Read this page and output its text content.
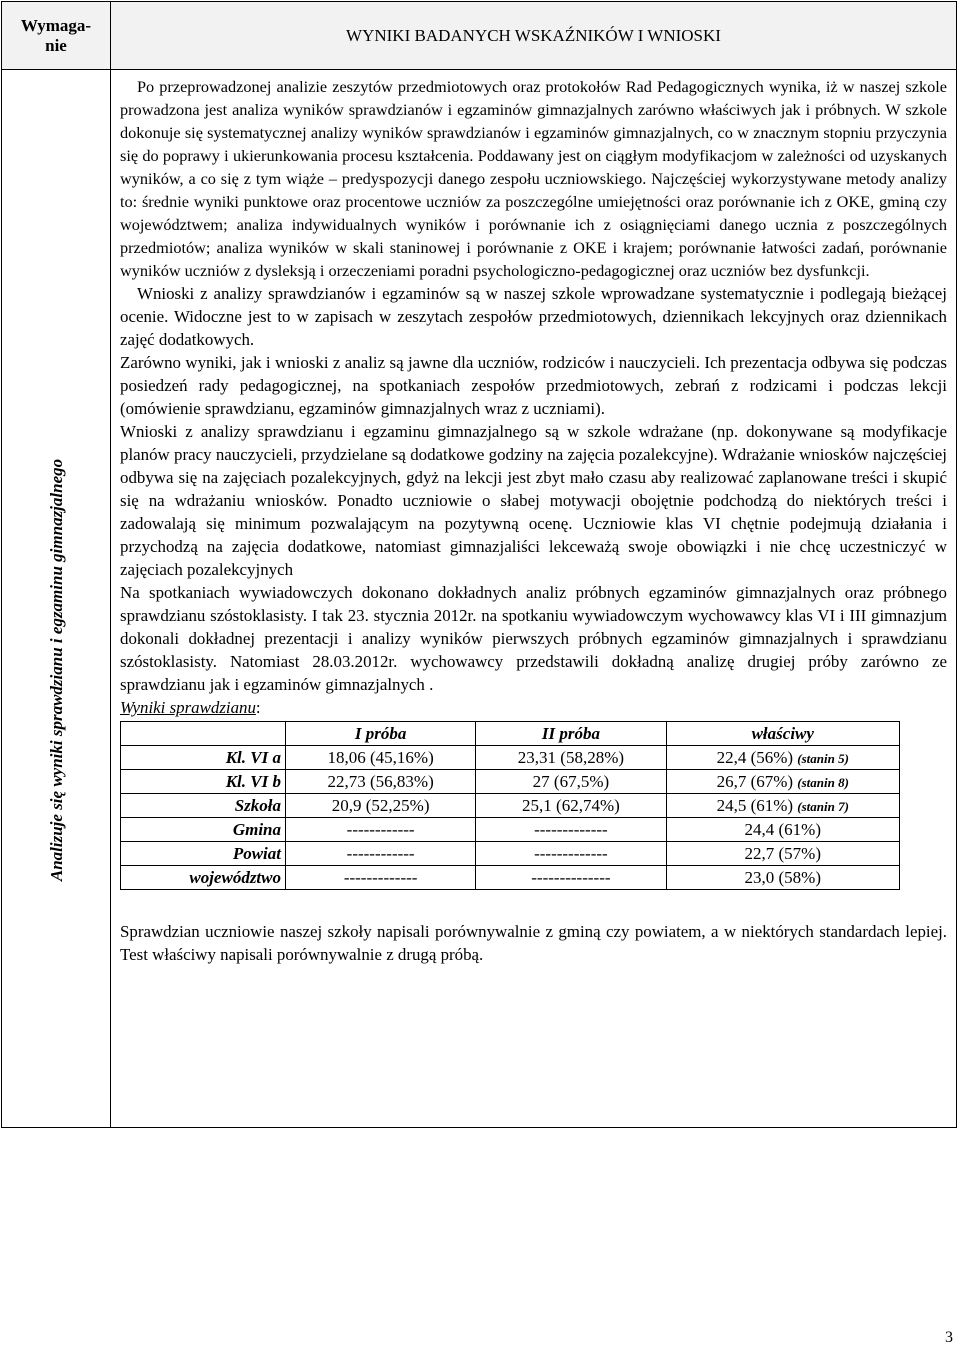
Wymaga-
nie	WYNIKI BADANYCH WSKAŹNIKÓW I WNIOSKI

Analizuje się wyniki sprawdzianu i egzaminu gimnazjalnego

Po przeprowadzonej analizie zeszytów przedmiotowych oraz protokołów Rad Pedagogicznych wynika, iż w naszej szkole prowadzona jest analiza wyników sprawdzianów i egzaminów gimnazjalnych zarówno właściwych jak i próbnych. W szkole dokonuje się systematycznej analizy wyników sprawdzianów i egzaminów gimnazjalnych, co w znacznym stopniu przyczynia się do poprawy i ukierunkowania procesu kształcenia. Poddawany jest on ciągłym modyfikacjom w zależności od uzyskanych wyników, a co się z tym wiąże – predyspozycji danego zespołu uczniowskiego. Najczęściej wykorzystywane metody analizy to: średnie wyniki punktowe oraz procentowe uczniów za poszczególne umiejętności oraz porównanie ich z OKE, gminą czy województwem; analiza indywidualnych wyników i porównanie ich z osiągnięciami danego ucznia z poszczególnych przedmiotów; analiza wyników w skali staninowej i porównanie z OKE i krajem; porównanie łatwości zadań, porównanie wyników uczniów z dysleksją i orzeczeniami poradni psychologiczno-pedagogicznej oraz uczniów bez dysfunkcji.

Wnioski z analizy sprawdzianów i egzaminów są w naszej szkole wprowadzane systematycznie i podlegają bieżącej ocenie. Widoczne jest to w zapisach w zeszytach zespołów przedmiotowych, dziennikach lekcyjnych oraz dziennikach zajęć dodatkowych.

Zarówno wyniki, jak i wnioski z analiz są jawne dla uczniów, rodziców i nauczycieli. Ich prezentacja odbywa się podczas posiedzeń rady pedagogicznej, na spotkaniach zespołów przedmiotowych, zebrań z rodzicami i podczas lekcji (omówienie sprawdzianu, egzaminów gimnazjalnych wraz z uczniami).

Wnioski z analizy sprawdzianu i egzaminu gimnazjalnego są w szkole wdrażane (np. dokonywane są modyfikacje planów pracy nauczycieli, przydzielane są dodatkowe godziny na zajęcia pozalekcyjne). Wdrażanie wniosków najczęściej odbywa się na zajęciach pozalekcyjnych, gdyż na lekcji jest zbyt mało czasu aby realizować zaplanowane treści i skupić się na wdrażaniu wniosków. Ponadto uczniowie o słabej motywacji obojętnie podchodzą do niektórych treści i zadowalają się minimum pozwalającym na pozytywną ocenę. Uczniowie klas VI chętnie podejmują działania i przychodzą na zajęcia dodatkowe, natomiast gimnazjaliści lekceważą swoje obowiązki i nie chcę uczestniczyć w zajęciach pozalekcyjnych

Na spotkaniach wywiadowczych dokonano dokładnych analiz próbnych egzaminów gimnazjalnych oraz próbnego sprawdzianu szóstoklasisty. I tak 23. stycznia 2012r. na spotkaniu wywiadowczym wychowawcy klas VI i III gimnazjum dokonali dokładnej prezentacji i analizy wyników pierwszych próbnych egzaminów gimnazjalnych i sprawdzianu szóstoklasisty. Natomiast 28.03.2012r. wychowawcy przedstawili dokładną analizę drugiej próby zarówno ze sprawdzianu jak i egzaminów gimnazjalnych .

Wyniki sprawdzianu:

	I próba	II próba	właściwy
Kl. VI a	18,06 (45,16%)	23,31 (58,28%)	22,4 (56%) (stanin 5)
Kl. VI b	22,73 (56,83%)	27 (67,5%)	26,7 (67%) (stanin 8)
Szkoła	20,9 (52,25%)	25,1 (62,74%)	24,5 (61%) (stanin 7)
Gmina	------------	-------------	24,4 (61%)
Powiat	------------	-------------	22,7 (57%)
województwo	-------------	--------------	23,0 (58%)

Sprawdzian uczniowie naszej szkoły napisali porównywalnie z gminą czy powiatem, a w niektórych standardach lepiej. Test właściwy napisali porównywalnie z drugą próbą.

3
